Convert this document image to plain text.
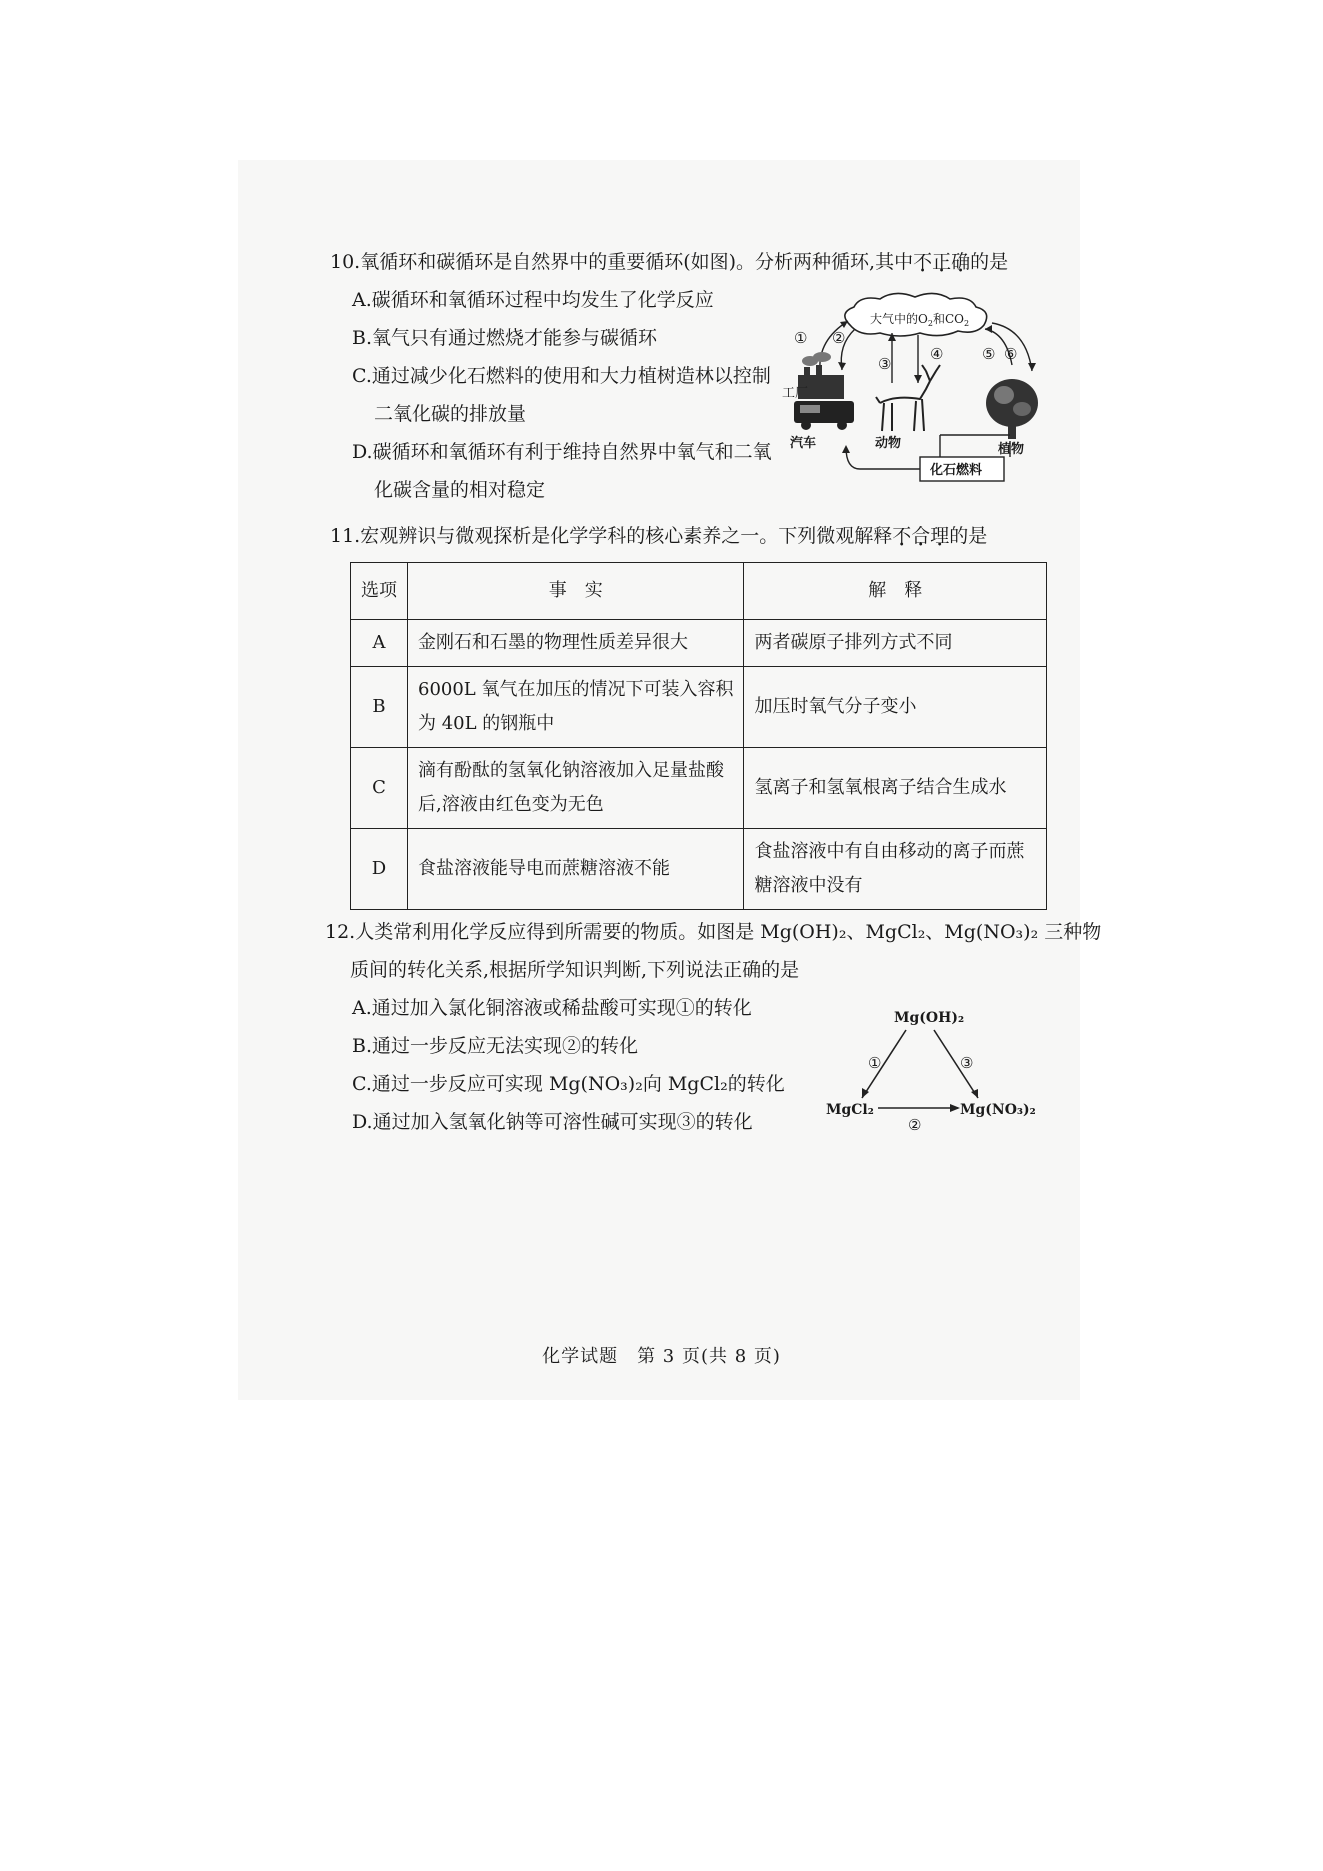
10.氧循环和碳循环是自然界中的重要循环(如图)。分析两种循环,其中不正确的是
A.碳循环和氧循环过程中均发生了化学反应
B.氧气只有通过燃烧才能参与碳循环
C.通过减少化石燃料的使用和大力植树造林以控制
二氧化碳的排放量
D.碳循环和氧循环有利于维持自然界中氧气和二氧
化碳含量的相对稳定
大气中的$O_2$和$CO_2$
① ②
③
④	⑤ ⑥
工厂
汽车	动物	植物
化石燃料
11.宏观辨识与微观探析是化学学科的核心素养之一。下列微观解释不合理的是
选项	事　实	解　释
A	金刚石和石墨的物理性质差异很大	两者碳原子排列方式不同

B	6000L 氧气在加压的情况下可装入容积
为 40L 的钢瓶中	加压时氧气分子变小

C	滴有酚酞的氢氧化钠溶液加入足量盐酸
后,溶液由红色变为无色	氢离子和氢氧根离子结合生成水

D	食盐溶液能导电而蔗糖溶液不能	食盐溶液中有自由移动的离子而蔗
糖溶液中没有
12.人类常利用化学反应得到所需要的物质。如图是 Mg(OH)₂、MgCl₂、Mg(NO₃)₂ 三种物
质间的转化关系,根据所学知识判断,下列说法正确的是
A.通过加入氯化铜溶液或稀盐酸可实现①的转化
B.通过一步反应无法实现②的转化
C.通过一步反应可实现 Mg(NO₃)₂向 MgCl₂的转化
D.通过加入氢氧化钠等可溶性碱可实现③的转化
Mg(OH)₂
MgCl₂	Mg(NO₃)₂
①
②
③
化学试题　第 3 页(共 8 页)
